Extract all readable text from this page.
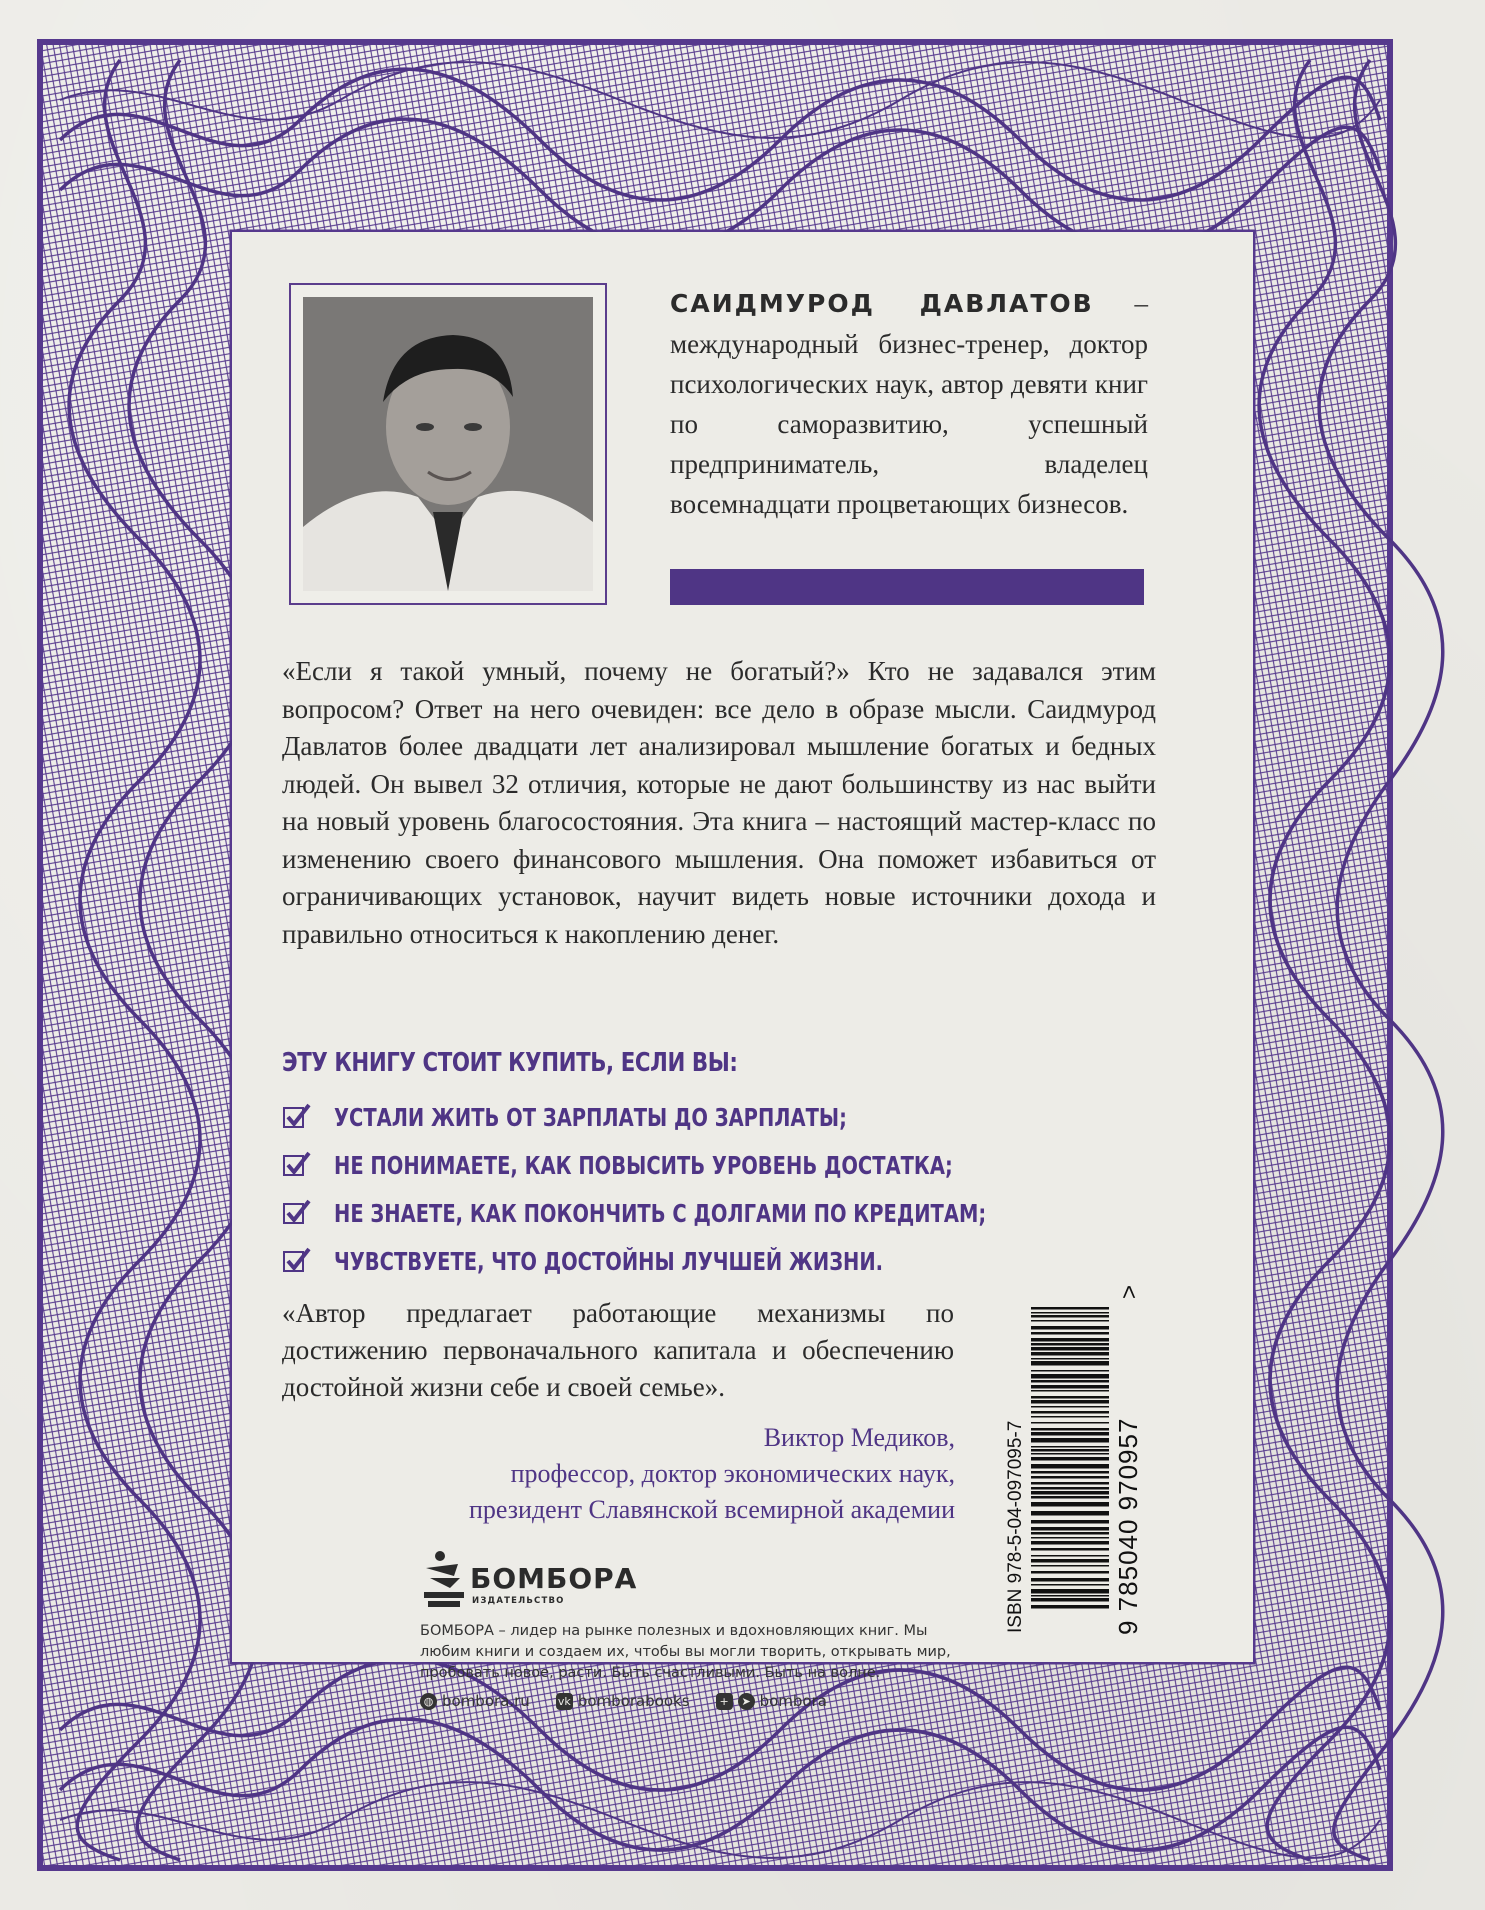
САИДМУРОД ДАВЛАТОВ – международный бизнес-тренер, доктор психологических наук, автор девяти книг по саморазвитию, успешный предприниматель, владелец восемнадцати процветающих бизнесов.

«Если я такой умный, почему не богатый?» Кто не задавался этим вопросом? Ответ на него очевиден: все дело в образе мысли. Саидмурод Давлатов более двадцати лет анализировал мышление богатых и бедных людей. Он вывел 32 отличия, которые не дают большинству из нас выйти на новый уровень благосостояния. Эта книга – настоящий мастер-класс по изменению своего финансового мышления. Она поможет избавиться от ограничивающих установок, научит видеть новые источники дохода и правильно относиться к накоплению денег.

ЭТУ КНИГУ СТОИТ КУПИТЬ, ЕСЛИ ВЫ:
УСТАЛИ ЖИТЬ ОТ ЗАРПЛАТЫ ДО ЗАРПЛАТЫ;
НЕ ПОНИМАЕТЕ, КАК ПОВЫСИТЬ УРОВЕНЬ ДОСТАТКА;
НЕ ЗНАЕТЕ, КАК ПОКОНЧИТЬ С ДОЛГАМИ ПО КРЕДИТАМ;
ЧУВСТВУЕТЕ, ЧТО ДОСТОЙНЫ ЛУЧШЕЙ ЖИЗНИ.

«Автор предлагает работающие механизмы по достижению первоначального капитала и обеспечению достойной жизни себе и своей семье».

Виктор Медиков,
профессор, доктор экономических наук,
президент Славянской всемирной академии	ISBN 978-5-04-097095-7	9 785040 970957
>
БОМБОРА
ИЗДАТЕЛЬСТВО

БОМБОРА – лидер на рынке полезных и вдохновляющих книг. Мы любим книги и создаем их, чтобы вы могли творить, открывать мир, пробовать новое, расти. Быть счастливыми. Быть на волне.

◍ bombora.ru	vk bomborabooks	+	➤ bombora
